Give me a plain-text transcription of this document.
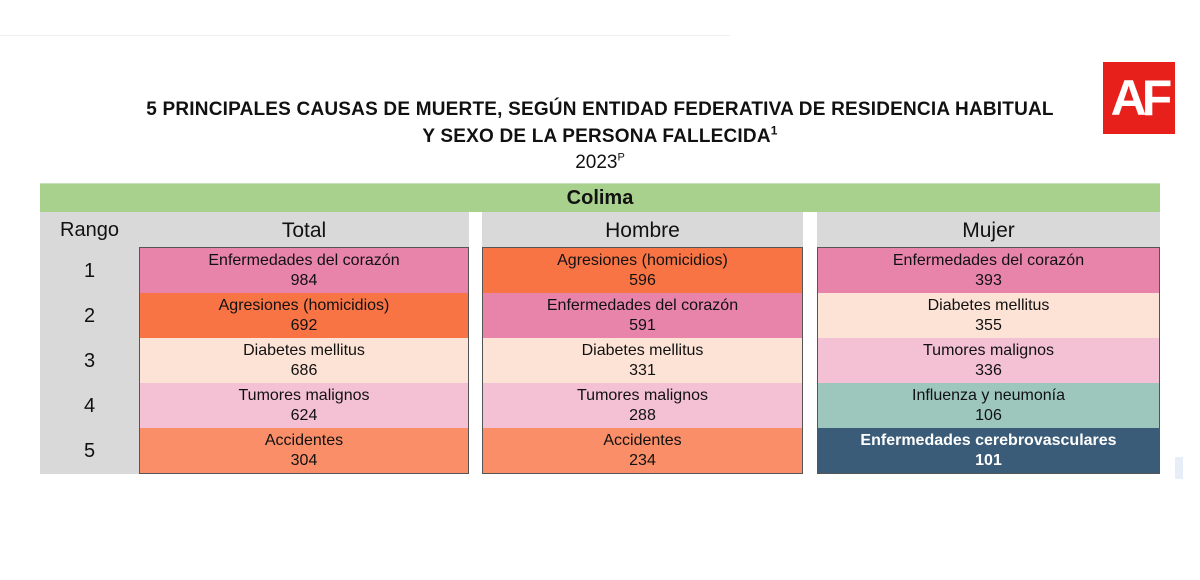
AF
5 PRINCIPALES CAUSAS DE MUERTE, SEGÚN ENTIDAD FEDERATIVA DE RESIDENCIA HABITUAL
Y SEXO DE LA PERSONA FALLECIDA$^1$
$2023^P$
Colima
Rango
1
2
3
4
5
Total
Enfermedades del corazón
984
Agresiones (homicidios)
692
Diabetes mellitus
686
Tumores malignos
624
Accidentes
304
Hombre
Agresiones (homicidios)
596
Enfermedades del corazón
591
Diabetes mellitus
331
Tumores malignos
288
Accidentes
234
Mujer
Enfermedades del corazón
393
Diabetes mellitus
355
Tumores malignos
336
Influenza y neumonía
106
Enfermedades cerebrovasculares
101
